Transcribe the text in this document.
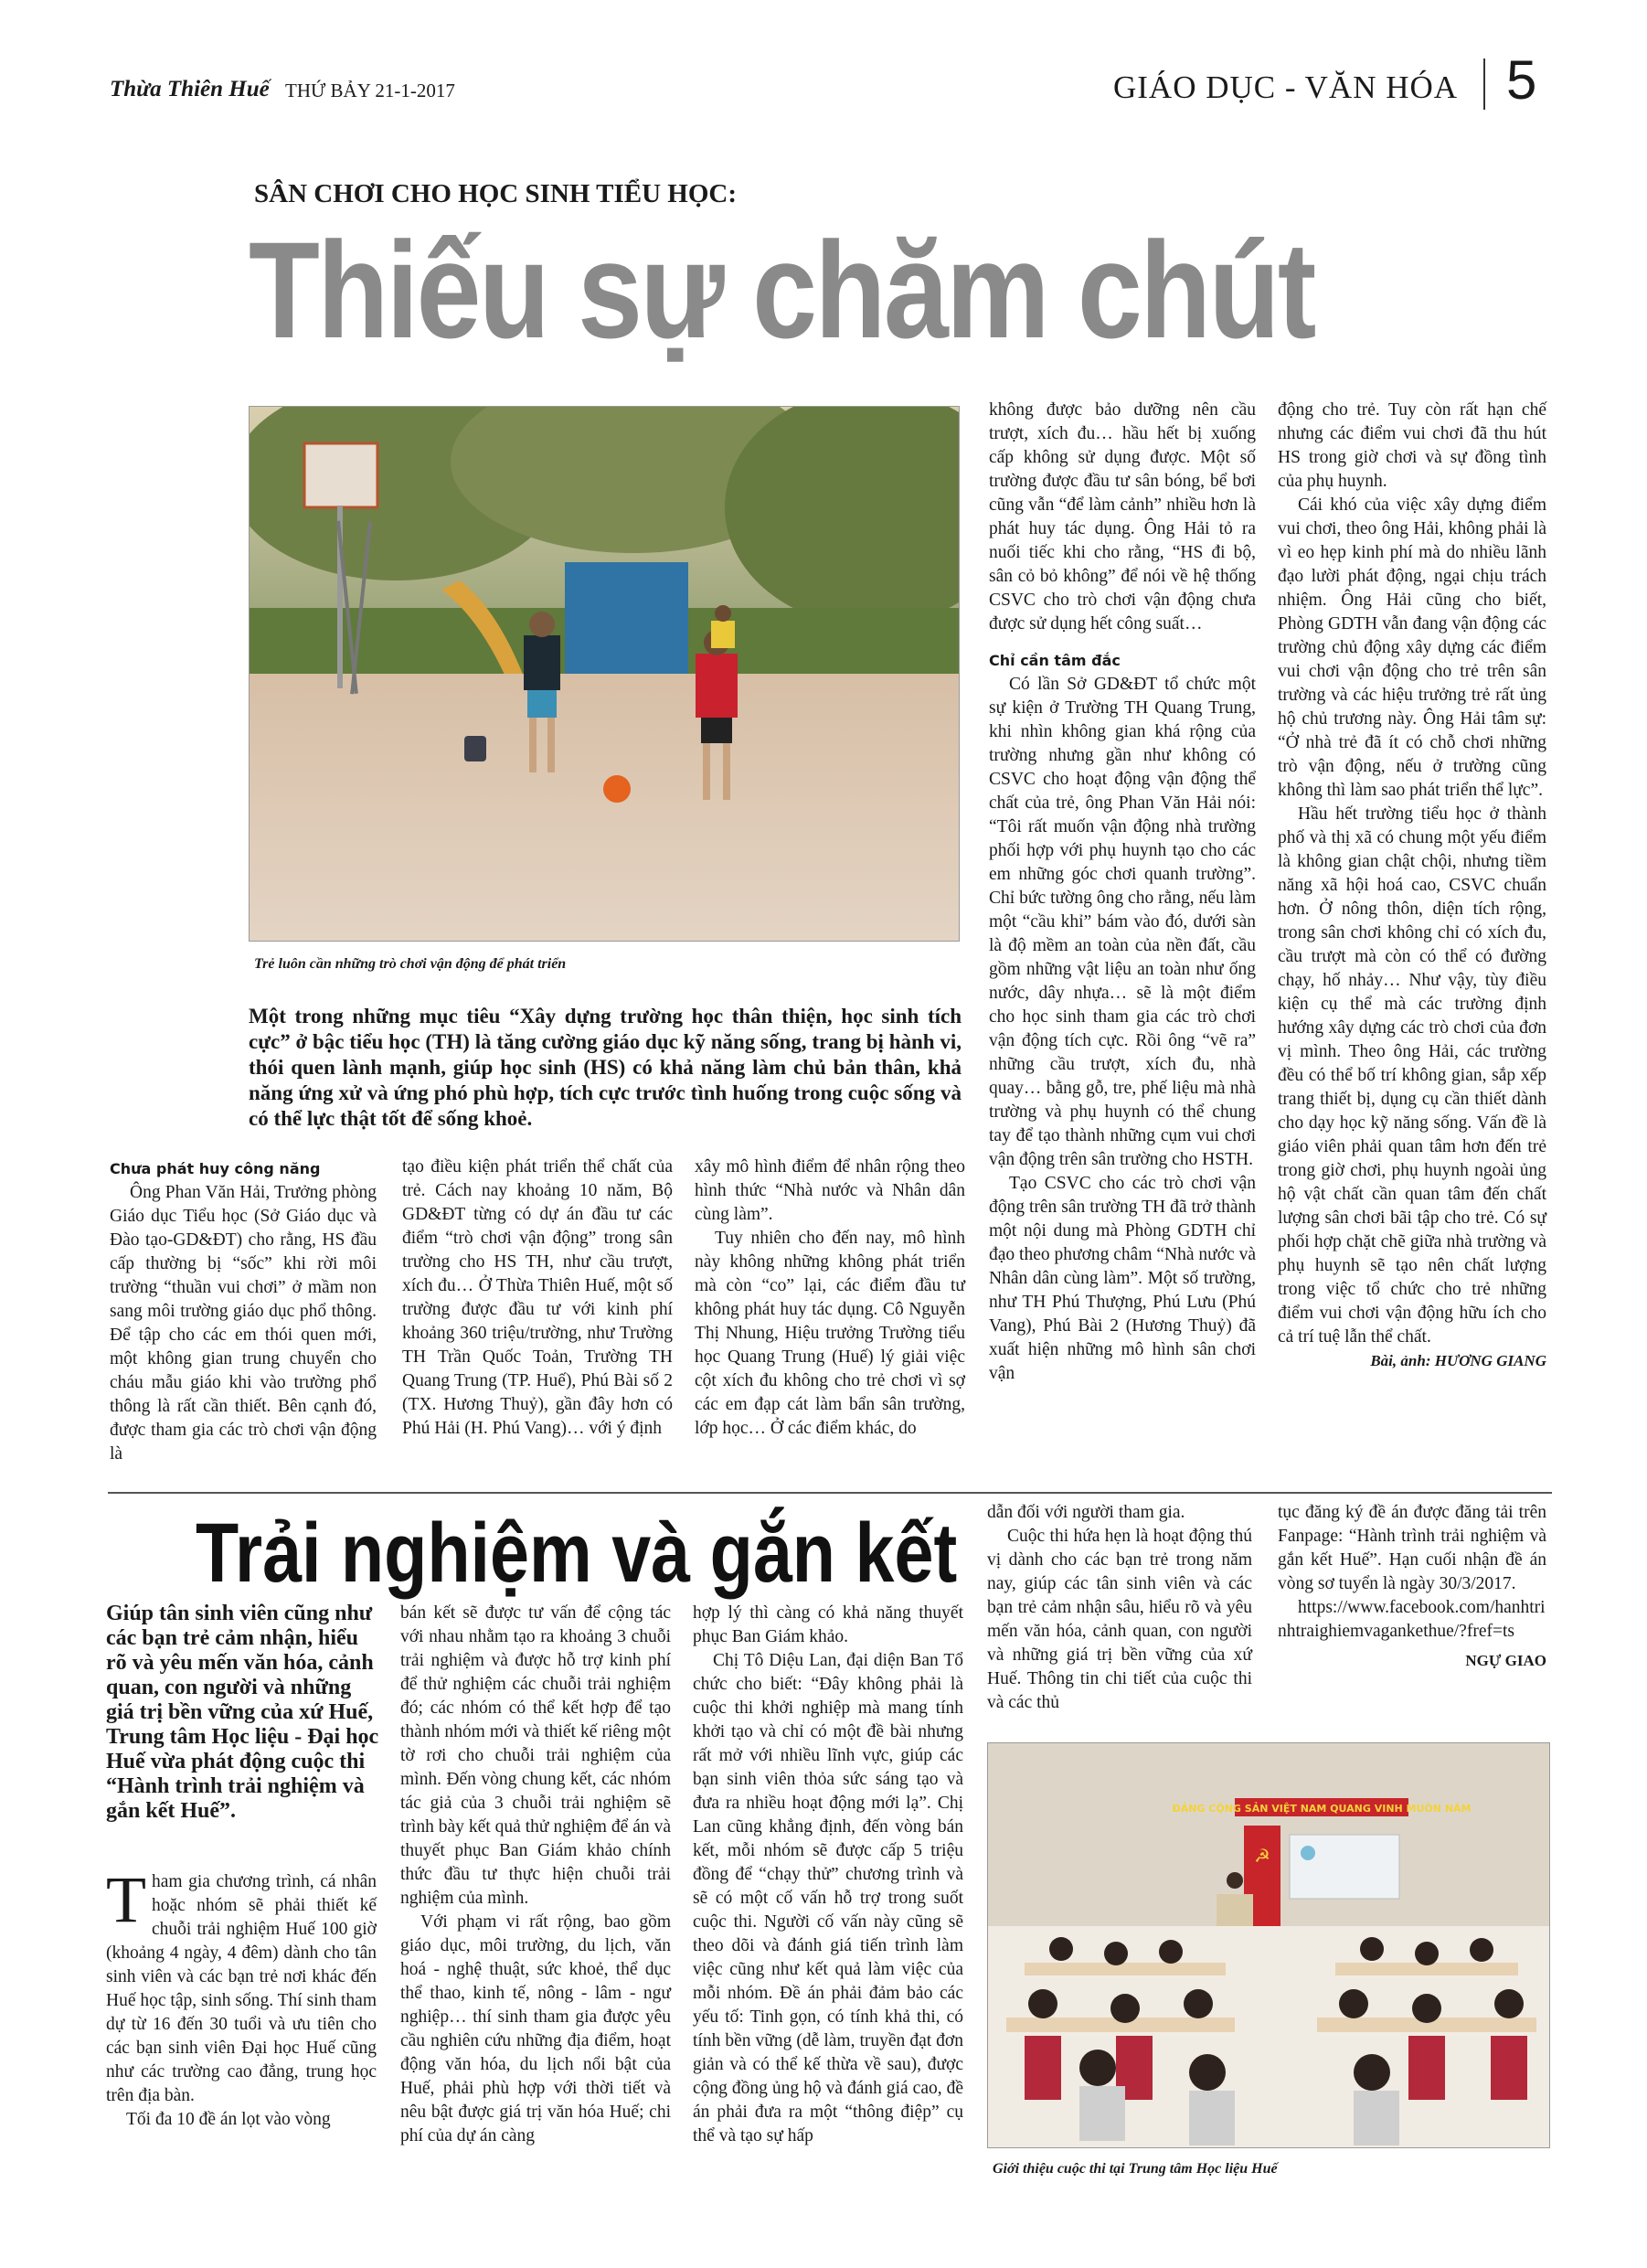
Thừa Thiên Huế THỨ BẢY 21-1-2017	GIÁO DỤC - VĂN HÓA 5
SÂN CHƠI CHO HỌC SINH TIỂU HỌC:
Thiếu sự chăm chút
Trẻ luôn cần những trò chơi vận động để phát triển
Một trong những mục tiêu “Xây dựng trường học thân thiện, học sinh tích cực” ở bậc tiểu học (TH) là tăng cường giáo dục kỹ năng sống, trang bị hành vi, thói quen lành mạnh, giúp học sinh (HS) có khả năng làm chủ bản thân, khả năng ứng xử và ứng phó phù hợp, tích cực trước tình huống trong cuộc sống và có thể lực thật tốt để sống khoẻ.

Chưa phát huy công năng

Ông Phan Văn Hải, Trưởng phòng Giáo dục Tiểu học (Sở Giáo dục và Đào tạo-GD&ĐT) cho rằng, HS đầu cấp thường bị “sốc” khi rời môi trường “thuần vui chơi” ở mầm non sang môi trường giáo dục phổ thông. Để tập cho các em thói quen mới, một không gian trung chuyển cho cháu mẫu giáo khi vào trường phổ thông là rất cần thiết. Bên cạnh đó, được tham gia các trò chơi vận động là

tạo điều kiện phát triển thể chất của trẻ. Cách nay khoảng 10 năm, Bộ GD&ĐT từng có dự án đầu tư các điểm “trò chơi vận động” trong sân trường cho HS TH, như cầu trượt, xích đu… Ở Thừa Thiên Huế, một số trường được đầu tư với kinh phí khoảng 360 triệu/trường, như Trường TH Trần Quốc Toản, Trường TH Quang Trung (TP. Huế), Phú Bài số 2 (TX. Hương Thuỷ), gần đây hơn có Phú Hải (H. Phú Vang)… với ý định

xây mô hình điểm để nhân rộng theo hình thức “Nhà nước và Nhân dân cùng làm”.

Tuy nhiên cho đến nay, mô hình này không những không phát triển mà còn “co” lại, các điểm đầu tư không phát huy tác dụng. Cô Nguyễn Thị Nhung, Hiệu trưởng Trường tiểu học Quang Trung (Huế) lý giải việc cột xích đu không cho trẻ chơi vì sợ các em đạp cát làm bẩn sân trường, lớp học… Ở các điểm khác, do

không được bảo dưỡng nên cầu trượt, xích đu… hầu hết bị xuống cấp không sử dụng được. Một số trường được đầu tư sân bóng, bể bơi cũng vẫn “để làm cảnh” nhiều hơn là phát huy tác dụng. Ông Hải tỏ ra nuối tiếc khi cho rằng, “HS đi bộ, sân cỏ bỏ không” để nói về hệ thống CSVC cho trò chơi vận động chưa được sử dụng hết công suất…

Chỉ cần tâm đắc

Có lần Sở GD&ĐT tổ chức một sự kiện ở Trường TH Quang Trung, khi nhìn không gian khá rộng của trường nhưng gần như không có CSVC cho hoạt động vận động thể chất của trẻ, ông Phan Văn Hải nói: “Tôi rất muốn vận động nhà trường phối hợp với phụ huynh tạo cho các em những góc chơi quanh trường”. Chỉ bức tường ông cho rằng, nếu làm một “cầu khỉ” bám vào đó, dưới sàn là độ mềm an toàn của nền đất, cầu gồm những vật liệu an toàn như ống nước, dây nhựa… sẽ là một điểm cho học sinh tham gia các trò chơi vận động tích cực. Rồi ông “vẽ ra” những cầu trượt, xích đu, nhà quay… bằng gỗ, tre, phế liệu mà nhà trường và phụ huynh có thể chung tay để tạo thành những cụm vui chơi vận động trên sân trường cho HSTH.

Tạo CSVC cho các trò chơi vận động trên sân trường TH đã trở thành một nội dung mà Phòng GDTH chỉ đạo theo phương châm “Nhà nước và Nhân dân cùng làm”. Một số trường, như TH Phú Thượng, Phú Lưu (Phú Vang), Phú Bài 2 (Hương Thuỷ) đã xuất hiện những mô hình sân chơi vận

động cho trẻ. Tuy còn rất hạn chế nhưng các điểm vui chơi đã thu hút HS trong giờ chơi và sự đồng tình của phụ huynh.

Cái khó của việc xây dựng điểm vui chơi, theo ông Hải, không phải là vì eo hẹp kinh phí mà do nhiều lãnh đạo lười phát động, ngại chịu trách nhiệm. Ông Hải cũng cho biết, Phòng GDTH vẫn đang vận động các trường chủ động xây dựng các điểm vui chơi vận động cho trẻ trên sân trường và các hiệu trưởng trẻ rất ủng hộ chủ trương này. Ông Hải tâm sự: “Ở nhà trẻ đã ít có chỗ chơi những trò vận động, nếu ở trường cũng không thì làm sao phát triển thể lực”.

Hầu hết trường tiểu học ở thành phố và thị xã có chung một yếu điểm là không gian chật chội, nhưng tiềm năng xã hội hoá cao, CSVC chuẩn hơn. Ở nông thôn, diện tích rộng, trong sân chơi không chỉ có xích đu, cầu trượt mà còn có thể có đường chạy, hố nhảy… Như vậy, tùy điều kiện cụ thể mà các trường định hướng xây dựng các trò chơi của đơn vị mình. Theo ông Hải, các trường đều có thể bố trí không gian, sắp xếp trang thiết bị, dụng cụ cần thiết dành cho dạy học kỹ năng sống. Vấn đề là giáo viên phải quan tâm hơn đến trẻ trong giờ chơi, phụ huynh ngoài ủng hộ vật chất cần quan tâm đến chất lượng sân chơi bãi tập cho trẻ. Có sự phối hợp chặt chẽ giữa nhà trường và phụ huynh sẽ tạo nên chất lượng trong việc tổ chức cho trẻ những điểm vui chơi vận động hữu ích cho cả trí tuệ lẫn thể chất.

Bài, ảnh: HƯƠNG GIANG
Trải nghiệm và gắn kết
Giúp tân sinh viên cũng như các bạn trẻ cảm nhận, hiểu rõ và yêu mến văn hóa, cảnh quan, con người và những giá trị bền vững của xứ Huế, Trung tâm Học liệu - Đại học Huế vừa phát động cuộc thi “Hành trình trải nghiệm và gắn kết Huế”.

Tham gia chương trình, cá nhân hoặc nhóm sẽ phải thiết kế chuỗi trải nghiệm Huế 100 giờ (khoảng 4 ngày, 4 đêm) dành cho tân sinh viên và các bạn trẻ nơi khác đến Huế học tập, sinh sống. Thí sinh tham dự từ 16 đến 30 tuổi và ưu tiên cho các bạn sinh viên Đại học Huế cũng như các trường cao đẳng, trung học trên địa bàn.

Tối đa 10 đề án lọt vào vòng

bán kết sẽ được tư vấn để cộng tác với nhau nhằm tạo ra khoảng 3 chuỗi trải nghiệm và được hỗ trợ kinh phí để thử nghiệm các chuỗi trải nghiệm đó; các nhóm có thể kết hợp để tạo thành nhóm mới và thiết kế riêng một tờ rơi cho chuỗi trải nghiệm của mình. Đến vòng chung kết, các nhóm tác giả của 3 chuỗi trải nghiệm sẽ trình bày kết quả thử nghiệm để án và thuyết phục Ban Giám khảo chính thức đầu tư thực hiện chuỗi trải nghiệm của mình.

Với phạm vi rất rộng, bao gồm giáo dục, môi trường, du lịch, văn hoá - nghệ thuật, sức khoẻ, thể dục thể thao, kinh tế, nông - lâm - ngư nghiệp… thí sinh tham gia được yêu cầu nghiên cứu những địa điểm, hoạt động văn hóa, du lịch nổi bật của Huế, phải phù hợp với thời tiết và nêu bật được giá trị văn hóa Huế; chi phí của dự án càng

hợp lý thì càng có khả năng thuyết phục Ban Giám khảo.

Chị Tô Diệu Lan, đại diện Ban Tổ chức cho biết: “Đây không phải là cuộc thi khởi nghiệp mà mang tính khởi tạo và chỉ có một đề bài nhưng rất mở với nhiều lĩnh vực, giúp các bạn sinh viên thỏa sức sáng tạo và đưa ra nhiều hoạt động mới lạ”. Chị Lan cũng khẳng định, đến vòng bán kết, mỗi nhóm sẽ được cấp 5 triệu đồng để “chạy thử” chương trình và sẽ có một cố vấn hỗ trợ trong suốt cuộc thi. Người cố vấn này cũng sẽ theo dõi và đánh giá tiến trình làm việc cũng như kết quả làm việc của mỗi nhóm. Đề án phải đảm bảo các yếu tố: Tinh gọn, có tính khả thi, có tính bền vững (dễ làm, truyền đạt đơn giản và có thể kế thừa về sau), được cộng đồng ủng hộ và đánh giá cao, đề án phải đưa ra một “thông điệp” cụ thể và tạo sự hấp

dẫn đối với người tham gia.

Cuộc thi hứa hẹn là hoạt động thú vị dành cho các bạn trẻ trong năm nay, giúp các tân sinh viên và các bạn trẻ cảm nhận sâu, hiểu rõ và yêu mến văn hóa, cảnh quan, con người và những giá trị bền vững của xứ Huế. Thông tin chi tiết của cuộc thi và các thủ

tục đăng ký đề án được đăng tải trên Fanpage: “Hành trình trải nghiệm và gắn kết Huế”. Hạn cuối nhận đề án vòng sơ tuyển là ngày 30/3/2017.

https://www.facebook.com/hanhtrinhtraighiemvagankethue/?fref=ts

NGỰ GIAO
ĐẢNG CỘNG SẢN VIỆT NAM QUANG VINH MUÔN NĂM
☭
Giới thiệu cuộc thi tại Trung tâm Học liệu Huế
